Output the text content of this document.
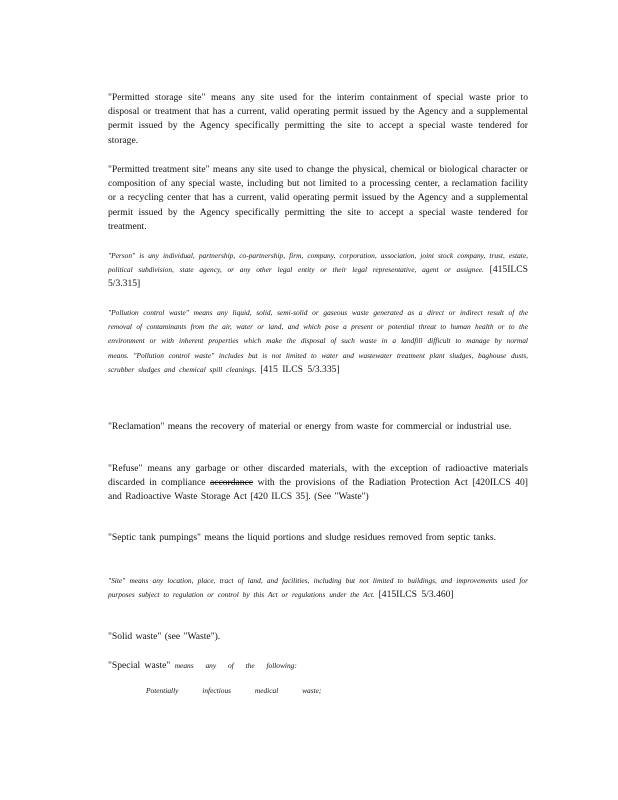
"Permitted storage site" means any site used for the interim containment of special waste prior to disposal or treatment that has a current, valid operating permit issued by the Agency and a supplemental permit issued by the Agency specifically permitting the site to accept a special waste tendered for storage.

"Permitted treatment site" means any site used to change the physical, chemical or biological character or composition of any special waste, including but not limited to a processing center, a reclamation facility or a recycling center that has a current, valid operating permit issued by the Agency and a supplemental permit issued by the Agency specifically permitting the site to accept a special waste tendered for treatment.

"Person" is any individual, partnership, co-partnership, firm, company, corporation, association, joint stock company, trust, estate, political subdivision, state agency, or any other legal entity or their legal representative, agent or assignee. [415ILCS 5/3.315]

"Pollution control waste" means any liquid, solid, semi-solid or gaseous waste generated as a direct or indirect result of the removal of contaminants from the air, water or land, and which pose a present or potential threat to human health or to the environment or with inherent properties which make the disposal of such waste in a landfill difficult to manage by normal means. "Pollution control waste" includes but is not limited to water and wastewater treatment plant sludges, baghouse dusts, scrubber sludges and chemical spill cleanings. [415 ILCS 5/3.335]

"Reclamation" means the recovery of material or energy from waste for commercial or industrial use.

"Refuse" means any garbage or other discarded materials, with the exception of radioactive materials discarded in compliance accordance with the provisions of the Radiation Protection Act [420ILCS 40] and Radioactive Waste Storage Act [420 ILCS 35]. (See "Waste")

"Septic tank pumpings" means the liquid portions and sludge residues removed from septic tanks.

"Site" means any location, place, tract of land, and facilities, including but not limited to buildings, and improvements used for purposes subject to regulation or control by this Act or regulations under the Act. [415ILCS 5/3.460]

"Solid waste" (see "Waste").

"Special waste" means any of the following:

Potentially infectious medical waste;
